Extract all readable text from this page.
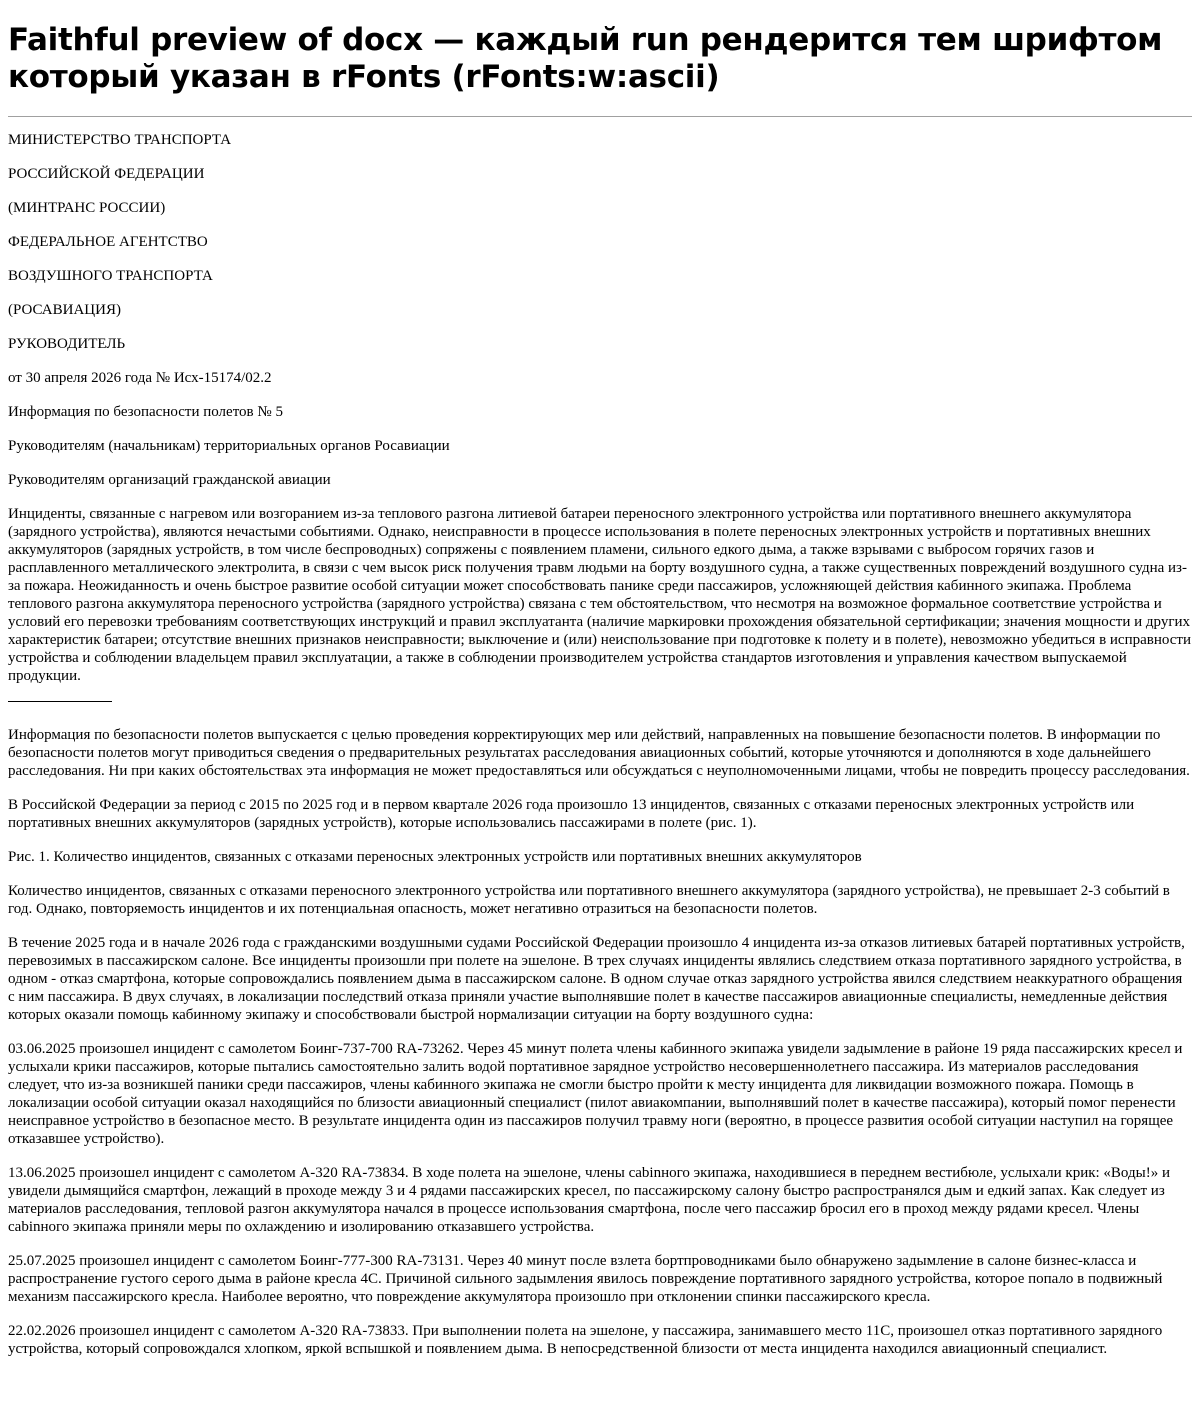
Faithful preview of docx — каждый run рендерится тем шрифтом который указан в rFonts (rFonts:w:ascii)

МИНИСТЕРСТВО ТРАНСПОРТА

РОССИЙСКОЙ ФЕДЕРАЦИИ

(МИНТРАНС РОССИИ)

ФЕДЕРАЛЬНОЕ АГЕНТСТВО

ВОЗДУШНОГО ТРАНСПОРТА

(РОСАВИАЦИЯ)

РУКОВОДИТЕЛЬ

от 30 апреля 2026 года № Исх-15174/02.2

Информация по безопасности полетов № 5

Руководителям (начальникам) территориальных органов Росавиации

Руководителям организаций гражданской авиации

Инциденты, связанные с нагревом или возгоранием из-за теплового разгона литиевой батареи переносного электронного устройства или портативного внешнего аккумулятора (зарядного устройства), являются нечастыми событиями. Однако, неисправности в процессе использования в полете переносных электронных устройств и портативных внешних аккумуляторов (зарядных устройств, в том числе беспроводных) сопряжены с появлением пламени, сильного едкого дыма, а также взрывами с выбросом горячих газов и расплавленного металлического электролита, в связи с чем высок риск получения травм людьми на борту воздушного судна, а также существенных повреждений воздушного судна из-за пожара. Неожиданность и очень быстрое развитие особой ситуации может способствовать панике среди пассажиров, усложняющей действия кабинного экипажа. Проблема теплового разгона аккумулятора переносного устройства (зарядного устройства) связана с тем обстоятельством, что несмотря на возможное формальное соответствие устройства и условий его перевозки требованиям соответствующих инструкций и правил эксплуатанта (наличие маркировки прохождения обязательной сертификации; значения мощности и других характеристик батареи; отсутствие внешних признаков неисправности; выключение и (или) неиспользование при подготовке к полету и в полете), невозможно убедиться в исправности устройства и соблюдении владельцем правил эксплуатации, а также в соблюдении производителем устройства стандартов изготовления и управления качеством выпускаемой продукции.

Информация по безопасности полетов выпускается с целью проведения корректирующих мер или действий, направленных на повышение безопасности полетов. В информации по безопасности полетов могут приводиться сведения о предварительных результатах расследования авиационных событий, которые уточняются и дополняются в ходе дальнейшего расследования. Ни при каких обстоятельствах эта информация не может предоставляться или обсуждаться с неуполномоченными лицами, чтобы не повредить процессу расследования.

В Российской Федерации за период с 2015 по 2025 год и в первом квартале 2026 года произошло 13 инцидентов, связанных с отказами переносных электронных устройств или портативных внешних аккумуляторов (зарядных устройств), которые использовались пассажирами в полете (рис. 1).

Рис. 1. Количество инцидентов, связанных с отказами переносных электронных устройств или портативных внешних аккумуляторов

Количество инцидентов, связанных с отказами переносного электронного устройства или портативного внешнего аккумулятора (зарядного устройства), не превышает 2-3 событий в год. Однако, повторяемость инцидентов и их потенциальная опасность, может негативно отразиться на безопасности полетов.

В течение 2025 года и в начале 2026 года с гражданскими воздушными судами Российской Федерации произошло 4 инцидента из-за отказов литиевых батарей портативных устройств, перевозимых в пассажирском салоне. Все инциденты произошли при полете на эшелоне. В трех случаях инциденты являлись следствием отказа портативного зарядного устройства, в одном - отказ смартфона, которые сопровождались появлением дыма в пассажирском салоне. В одном случае отказ зарядного устройства явился следствием неаккуратного обращения с ним пассажира. В двух случаях, в локализации последствий отказа приняли участие выполнявшие полет в качестве пассажиров авиационные специалисты, немедленные действия которых оказали помощь кабинному экипажу и способствовали быстрой нормализации ситуации на борту воздушного судна:

03.06.2025 произошел инцидент с самолетом Боинг-737-700 RA-73262. Через 45 минут полета члены кабинного экипажа увидели задымление в районе 19 ряда пассажирских кресел и услыхали крики пассажиров, которые пытались самостоятельно залить водой портативное зарядное устройство несовершеннолетнего пассажира. Из материалов расследования следует, что из-за возникшей паники среди пассажиров, члены кабинного экипажа не смогли быстро пройти к месту инцидента для ликвидации возможного пожара. Помощь в локализации особой ситуации оказал находящийся по близости авиационный специалист (пилот авиакомпании, выполнявший полет в качестве пассажира), который помог перенести неисправное устройство в безопасное место. В результате инцидента один из пассажиров получил травму ноги (вероятно, в процессе развития особой ситуации наступил на горящее отказавшее устройство).

13.06.2025 произошел инцидент с самолетом А-320 RA-73834. В ходе полета на эшелоне, члены cabinного экипажа, находившиеся в переднем вестибюле, услыхали крик: «Воды!» и увидели дымящийся смартфон, лежащий в проходе между 3 и 4 рядами пассажирских кресел, по пассажирскому салону быстро распространялся дым и едкий запах. Как следует из материалов расследования, тепловой разгон аккумулятора начался в процессе использования смартфона, после чего пассажир бросил его в проход между рядами кресел. Члены cabinного экипажа приняли меры по охлаждению и изолированию отказавшего устройства.

25.07.2025 произошел инцидент с самолетом Боинг-777-300 RA-73131. Через 40 минут после взлета бортпроводниками было обнаружено задымление в салоне бизнес-класса и распространение густого серого дыма в районе кресла 4С. Причиной сильного задымления явилось повреждение портативного зарядного устройства, которое попало в подвижный механизм пассажирского кресла. Наиболее вероятно, что повреждение аккумулятора произошло при отклонении спинки пассажирского кресла.

22.02.2026 произошел инцидент с самолетом А-320 RA-73833. При выполнении полета на эшелоне, у пассажира, занимавшего место 11С, произошел отказ портативного зарядного устройства, который сопровождался хлопком, яркой вспышкой и появлением дыма. В непосредственной близости от места инцидента находился авиационный специалист.
